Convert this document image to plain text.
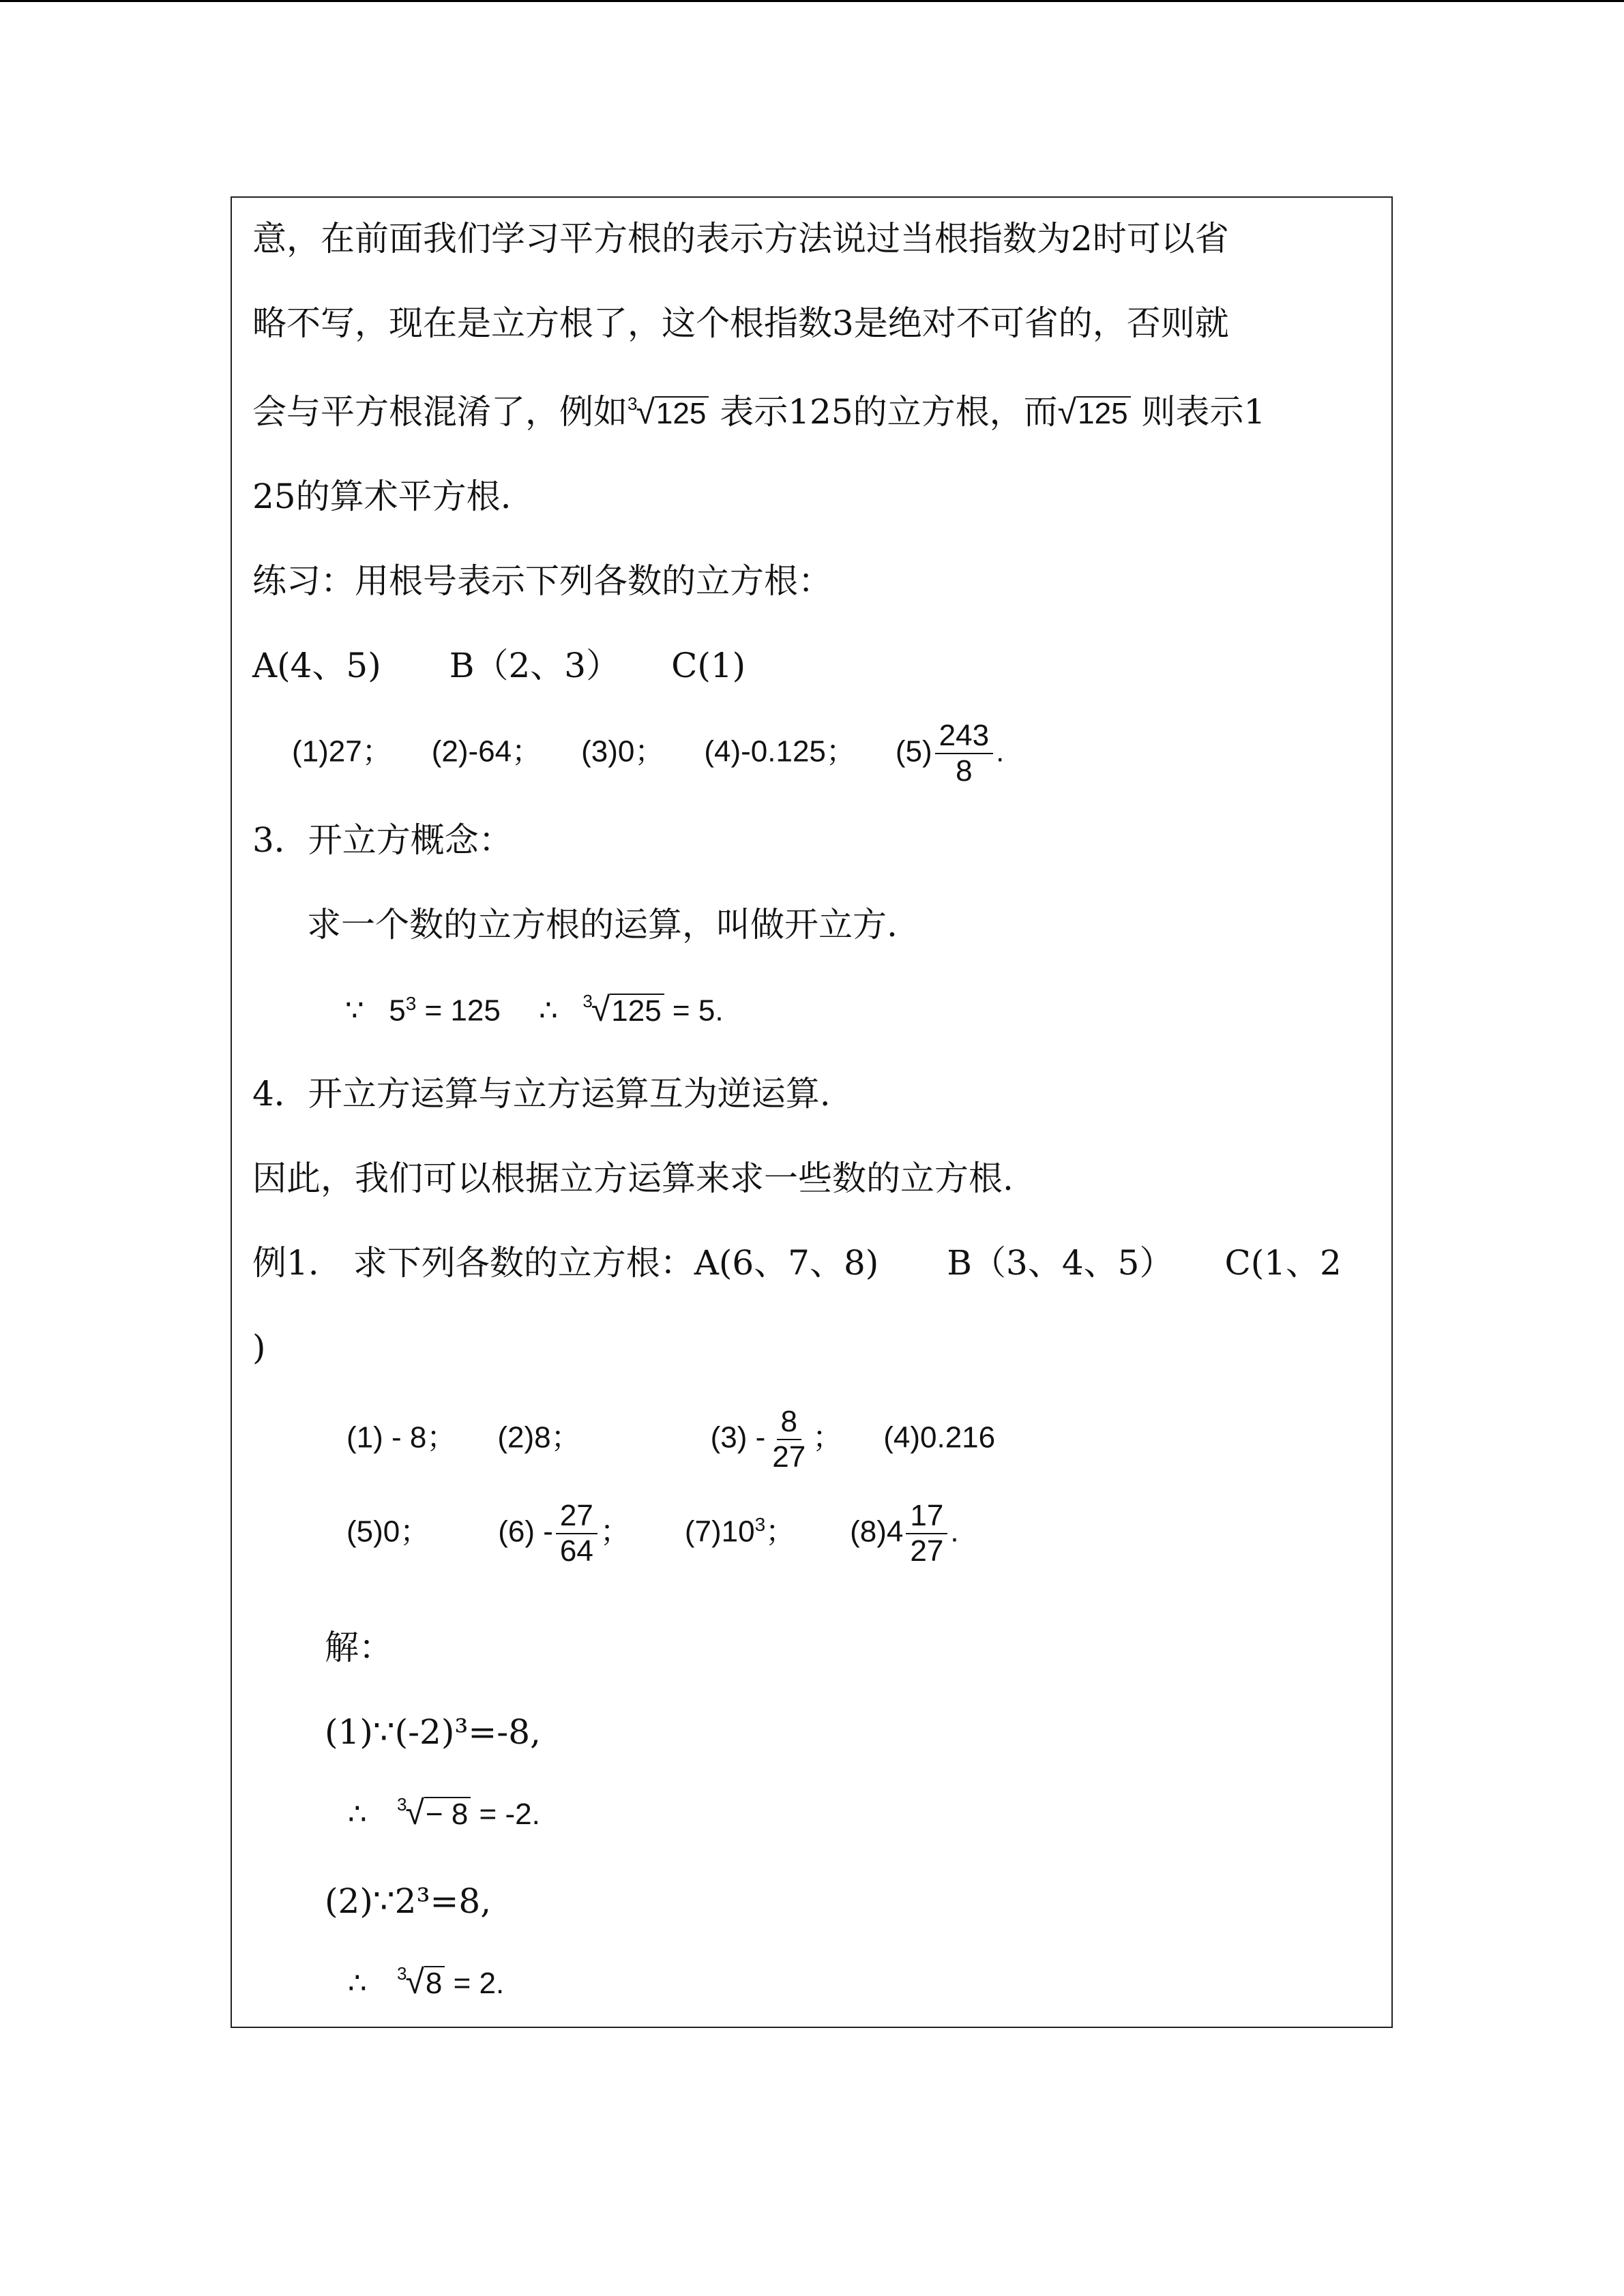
意，在前面我们学习平方根的表示方法说过当根指数为2时可以省
略不写，现在是立方根了，这个根指数3是绝对不可省的，否则就
会与平方根混淆了，例如$^3$√125 表示125的立方根，而√125 则表示1
25的算术平方根.
练习：用根号表示下列各数的立方根：
A(4、5)　　B（2、3）　　C(1)
(1)27； (2)-64； (3)0； (4)-0.125； $(5) \frac{243}{8}$ .
3．开立方概念：
求一个数的立方根的运算，叫做开立方.
∵ $5^3 = 125$ ∴ $^3$√125 = 5.
4．开立方运算与立方运算互为逆运算.
因此，我们可以根据立方运算来求一些数的立方根.
例1.　求下列各数的立方根：A(6、7、8)　　B（3、4、5）　　C(1、2
)
(1) - 8； (2)8；	$(3) - \frac{8}{27}$ ； (4)0.216
(5)0； $(6) - \frac{27}{64}$ ； $(7)10^3$； $(8)4 \frac{17}{27}$ .
解：
(1)∵(-2)³=-8,
∴ $^3$√− 8 = -2.
(2)∵2³=8,
∴ $^3$√8 = 2.
